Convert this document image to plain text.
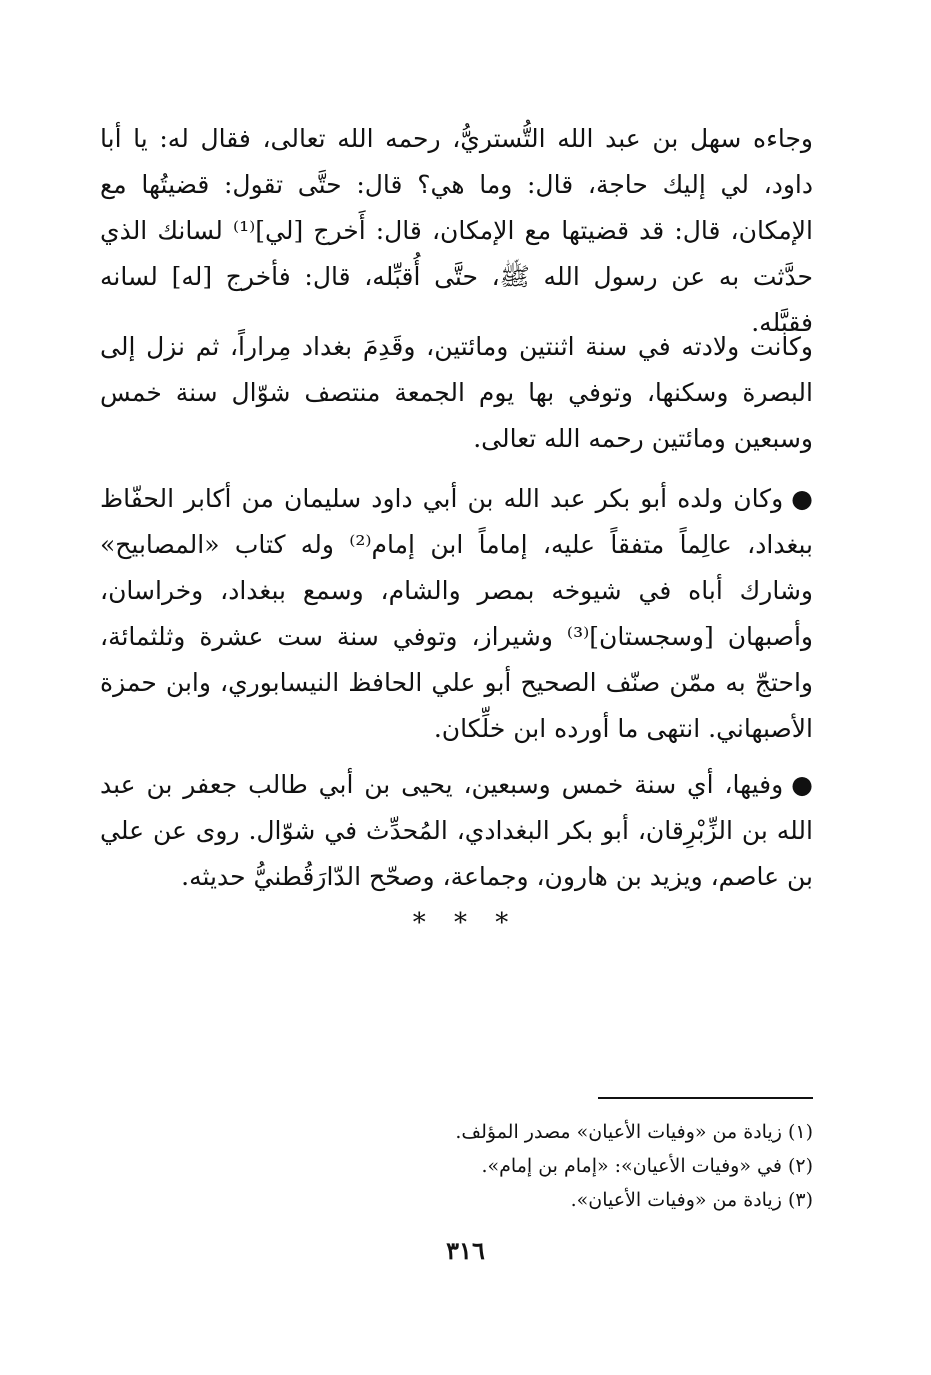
وجاءه سهل بن عبد الله التُّستريُّ، رحمه الله تعالى، فقال له: يا أبا داود، لي إليك حاجة، قال: وما هي؟ قال: حتَّى تقول: قضيتُها مع الإمكان، قال: قد قضيتها مع الإمكان، قال: أَخرج [لي]⁽¹⁾ لسانك الذي حدَّثت به عن رسول الله ﷺ، حتَّى أُقبِّله، قال: فأخرج [له] لسانه فقبَّله.

وكانت ولادته في سنة اثنتين ومائتين، وقَدِمَ بغداد مِراراً، ثم نزل إلى البصرة وسكنها، وتوفي بها يوم الجمعة منتصف شوّال سنة خمس وسبعين ومائتين رحمه الله تعالى.

●وكان ولده أبو بكر عبد الله بن أبي داود سليمان من أكابر الحفّاظ ببغداد، عالِماً متفقاً عليه، إماماً ابن إمام⁽²⁾ وله كتاب «المصابيح» وشارك أباه في شيوخه بمصر والشام، وسمع ببغداد، وخراسان، وأصبهان [وسجستان]⁽³⁾ وشيراز، وتوفي سنة ست عشرة وثلثمائة، واحتجّ به ممّن صنّف الصحيح أبو علي الحافظ النيسابوري، وابن حمزة الأصبهاني. انتهى ما أورده ابن خلِّكان.

●وفيها، أي سنة خمس وسبعين، يحيى بن أبي طالب جعفر بن عبد الله بن الزِّبْرِقان، أبو بكر البغدادي، المُحدِّث في شوّال. روى عن علي بن عاصم، ويزيد بن هارون، وجماعة، وصحّح الدّارَقُطنيُّ حديثه.

* * *
(١) زيادة من «وفيات الأعيان» مصدر المؤلف.
(٢) في «وفيات الأعيان»: «إمام بن إمام».
(٣) زيادة من «وفيات الأعيان».
٣١٦
